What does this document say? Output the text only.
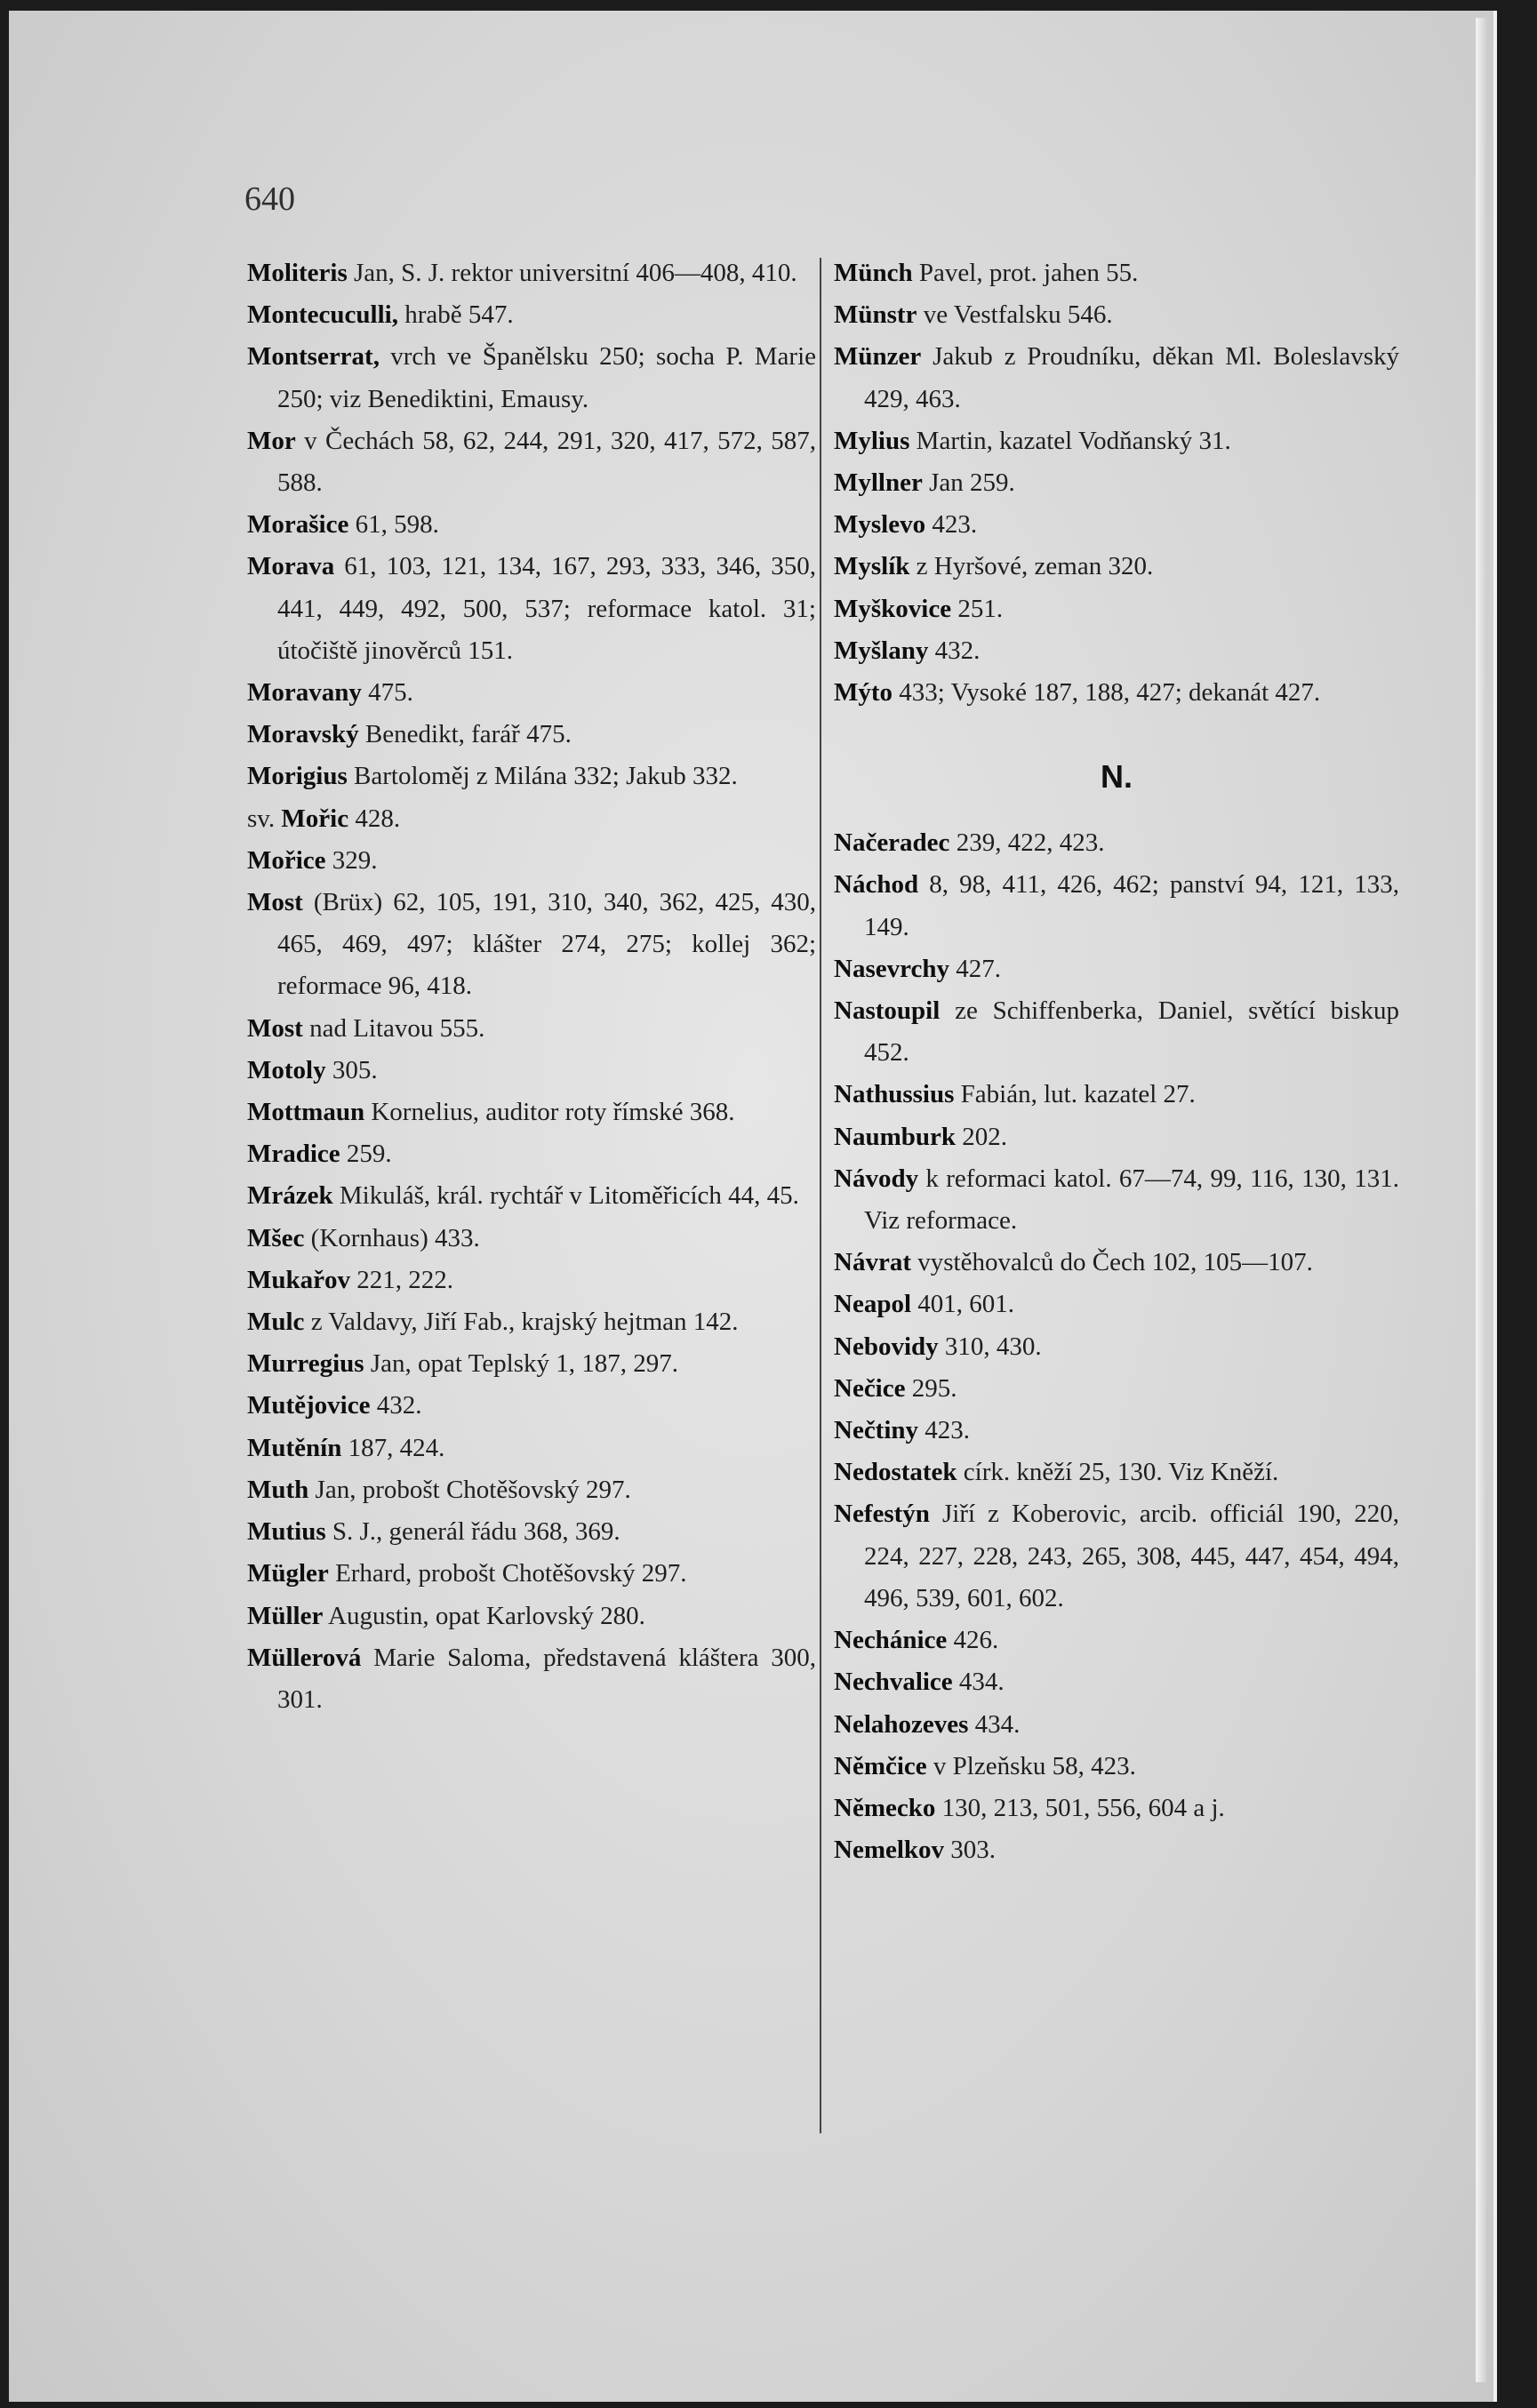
640
Moliteris Jan, S. J. rektor universitní 406—408, 410.
Montecuculli, hrabě 547.
Montserrat, vrch ve Španělsku 250; socha P. Marie 250; viz Benediktini, Emausy.
Mor v Čechách 58, 62, 244, 291, 320, 417, 572, 587, 588.
Morašice 61, 598.
Morava 61, 103, 121, 134, 167, 293, 333, 346, 350, 441, 449, 492, 500, 537; reformace katol. 31; útočiště jinověrců 151.
Moravany 475.
Moravský Benedikt, farář 475.
Morigius Bartoloměj z Milána 332; Jakub 332.
sv. Mořic 428.
Mořice 329.
Most (Brüx) 62, 105, 191, 310, 340, 362, 425, 430, 465, 469, 497; klášter 274, 275; kollej 362; reformace 96, 418.
Most nad Litavou 555.
Motoly 305.
Mottmaun Kornelius, auditor roty římské 368.
Mradice 259.
Mrázek Mikuláš, král. rychtář v Litoměřicích 44, 45.
Mšec (Kornhaus) 433.
Mukařov 221, 222.
Mulc z Valdavy, Jiří Fab., krajský hejtman 142.
Murregius Jan, opat Teplský 1, 187, 297.
Mutějovice 432.
Mutěnín 187, 424.
Muth Jan, probošt Chotěšovský 297.
Mutius S. J., generál řádu 368, 369.
Mügler Erhard, probošt Chotěšovský 297.
Müller Augustin, opat Karlovský 280.
Müllerová Marie Saloma, představená kláštera 300, 301.
Münch Pavel, prot. jahen 55.
Münstr ve Vestfalsku 546.
Münzer Jakub z Proudníku, děkan Ml. Boleslavský 429, 463.
Mylius Martin, kazatel Vodňanský 31.
Myllner Jan 259.
Myslevo 423.
Myslík z Hyršové, zeman 320.
Myškovice 251.
Myšlany 432.
Mýto 433; Vysoké 187, 188, 427; dekanát 427.
N.
Načeradec 239, 422, 423.
Náchod 8, 98, 411, 426, 462; panství 94, 121, 133, 149.
Nasevrchy 427.
Nastoupil ze Schiffenberka, Daniel, světící biskup 452.
Nathussius Fabián, lut. kazatel 27.
Naumburk 202.
Návody k reformaci katol. 67—74, 99, 116, 130, 131. Viz reformace.
Návrat vystěhovalců do Čech 102, 105—107.
Neapol 401, 601.
Nebovidy 310, 430.
Nečice 295.
Nečtiny 423.
Nedostatek círk. kněží 25, 130. Viz Kněží.
Nefestýn Jiří z Koberovic, arcib. officiál 190, 220, 224, 227, 228, 243, 265, 308, 445, 447, 454, 494, 496, 539, 601, 602.
Nechánice 426.
Nechvalice 434.
Nelahozeves 434.
Němčice v Plzeňsku 58, 423.
Německo 130, 213, 501, 556, 604 a j.
Nemelkov 303.
